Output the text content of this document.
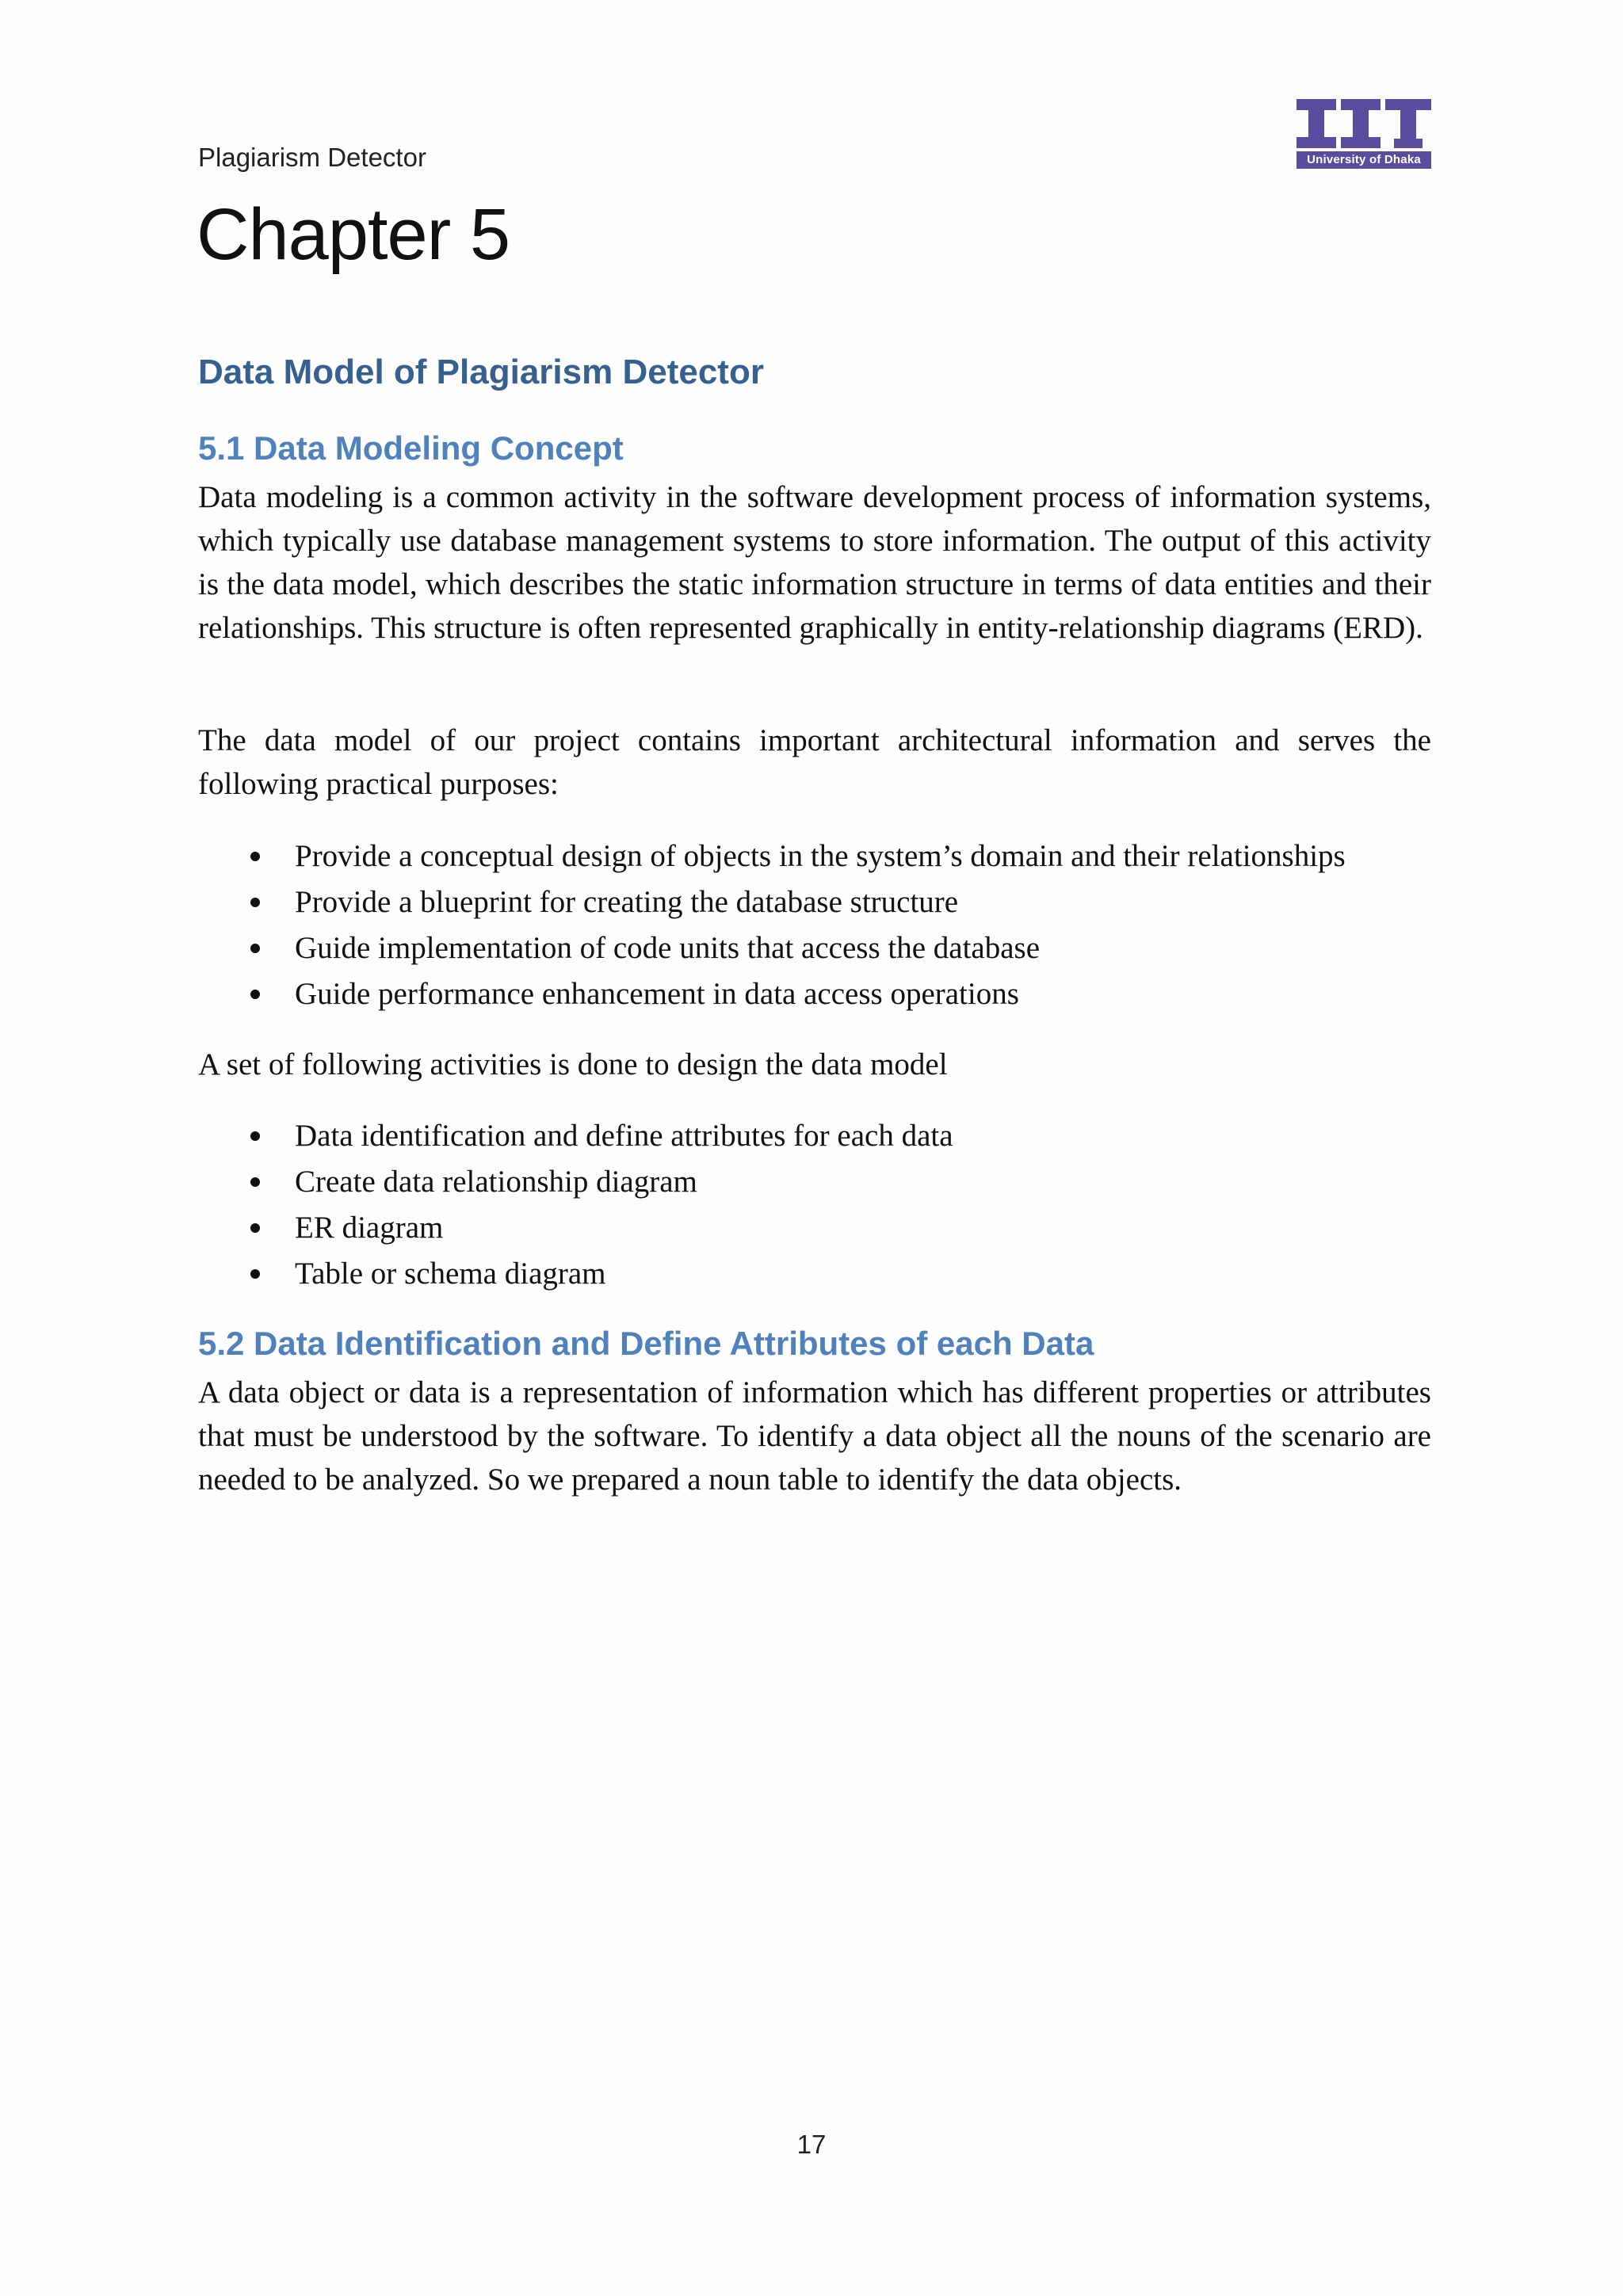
Plagiarism Detector	University of Dhaka
Chapter 5
Data Model of Plagiarism Detector
5.1 Data Modeling Concept

Data modeling is a common activity in the software development process of information systems, which typically use database management systems to store information. The output of this activity is the data model, which describes the static information structure in terms of data entities and their relationships. This structure is often represented graphically in entity-relationship diagrams (ERD).

The data model of our project contains important architectural information and serves the following practical purposes:

Provide a conceptual design of objects in the system’s domain and their relationships
Provide a blueprint for creating the database structure
Guide implementation of code units that access the database
Guide performance enhancement in data access operations

A set of following activities is done to design the data model

Data identification and define attributes for each data
Create data relationship diagram
ER diagram
Table or schema diagram
5.2 Data Identification and Define Attributes of each Data

A data object or data is a representation of information which has different properties or attributes that must be understood by the software. To identify a data object all the nouns of the scenario are needed to be analyzed. So we prepared a noun table to identify the data objects.

17
